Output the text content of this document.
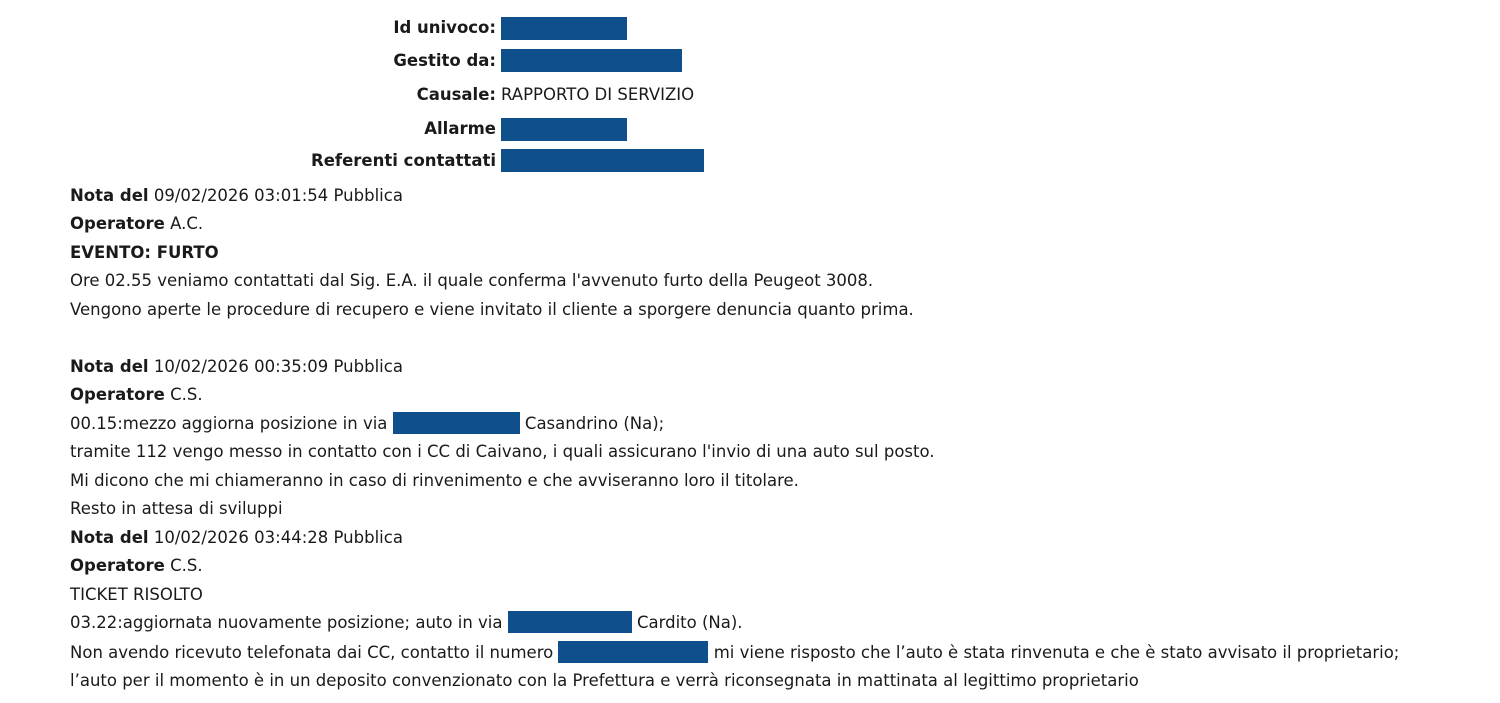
Id univoco:
Gestito da:
Causale: RAPPORTO DI SERVIZIO
Allarme
Referenti contattati
Nota del 09/02/2026 03:01:54 Pubblica
Operatore A.C.
EVENTO: FURTO
Ore 02.55 veniamo contattati dal Sig. E.A. il quale conferma l'avvenuto furto della Peugeot 3008.
Vengono aperte le procedure di recupero e viene invitato il cliente a sporgere denuncia quanto prima.
Nota del 10/02/2026 00:35:09 Pubblica
Operatore C.S.
00.15:mezzo aggiorna posizione in via	Casandrino (Na);
tramite 112 vengo messo in contatto con i CC di Caivano, i quali assicurano l'invio di una auto sul posto.
Mi dicono che mi chiameranno in caso di rinvenimento e che avviseranno loro il titolare.
Resto in attesa di sviluppi
Nota del 10/02/2026 03:44:28 Pubblica
Operatore C.S.
TICKET RISOLTO
03.22:aggiornata nuovamente posizione; auto in via	Cardito (Na).
Non avendo ricevuto telefonata dai CC, contatto il numero	mi viene risposto che l’auto è stata rinvenuta e che è stato avvisato il proprietario;
l’auto per il momento è in un deposito convenzionato con la Prefettura e verrà riconsegnata in mattinata al legittimo proprietario
